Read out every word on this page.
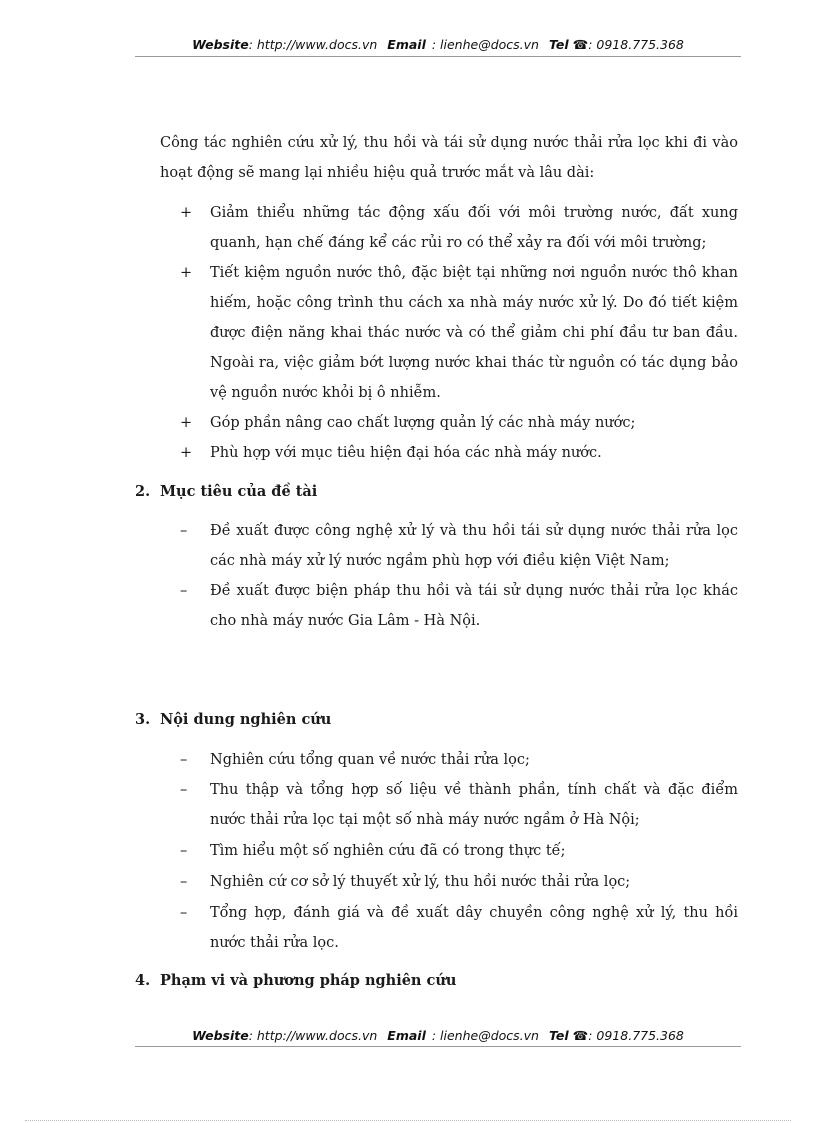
Website: http://www.docs.vn Email : lienhe@docs.vn Tel ☎: 0918.775.368
Công tác nghiên cứu xử lý, thu hồi và tái sử dụng nước thải rửa lọc khi đi vào hoạt động sẽ mang lại nhiều hiệu quả trước mắt và lâu dài:
+	Giảm thiểu những tác động xấu đối với môi trường nước, đất xung quanh, hạn chế đáng kể các rủi ro có thể xảy ra đối với môi trường;
+	Tiết kiệm nguồn nước thô, đặc biệt tại những nơi nguồn nước thô khan hiếm, hoặc công trình thu cách xa nhà máy nước xử lý. Do đó tiết kiệm được điện năng khai thác nước và có thể giảm chi phí đầu tư ban đầu. Ngoài ra, việc giảm bớt lượng nước khai thác từ nguồn có tác dụng bảo vệ nguồn nước khỏi bị ô nhiễm.
+	Góp phần nâng cao chất lượng quản lý các nhà máy nước;
+	Phù hợp với mục tiêu hiện đại hóa các nhà máy nước.
2. Mục tiêu của đề tài
–	Đề xuất được công nghệ xử lý và thu hồi tái sử dụng nước thải rửa lọc các nhà máy xử lý nước ngầm phù hợp với điều kiện Việt Nam;
–	Đề xuất được biện pháp thu hồi và tái sử dụng nước thải rửa lọc khác cho nhà máy nước Gia Lâm - Hà Nội.
3. Nội dung nghiên cứu
–	Nghiên cứu tổng quan về nước thải rửa lọc;
–	Thu thập và tổng hợp số liệu về thành phần, tính chất và đặc điểm nước thải rửa lọc tại một số nhà máy nước ngầm ở Hà Nội;
–	Tìm hiểu một số nghiên cứu đã có trong thực tế;
–	Nghiên cứ cơ sở lý thuyết xử lý, thu hồi nước thải rửa lọc;
–	Tổng hợp, đánh giá và đề xuất dây chuyền công nghệ xử lý, thu hồi nước thải rửa lọc.
4. Phạm vi và phương pháp nghiên cứu
Website: http://www.docs.vn Email : lienhe@docs.vn Tel ☎: 0918.775.368
